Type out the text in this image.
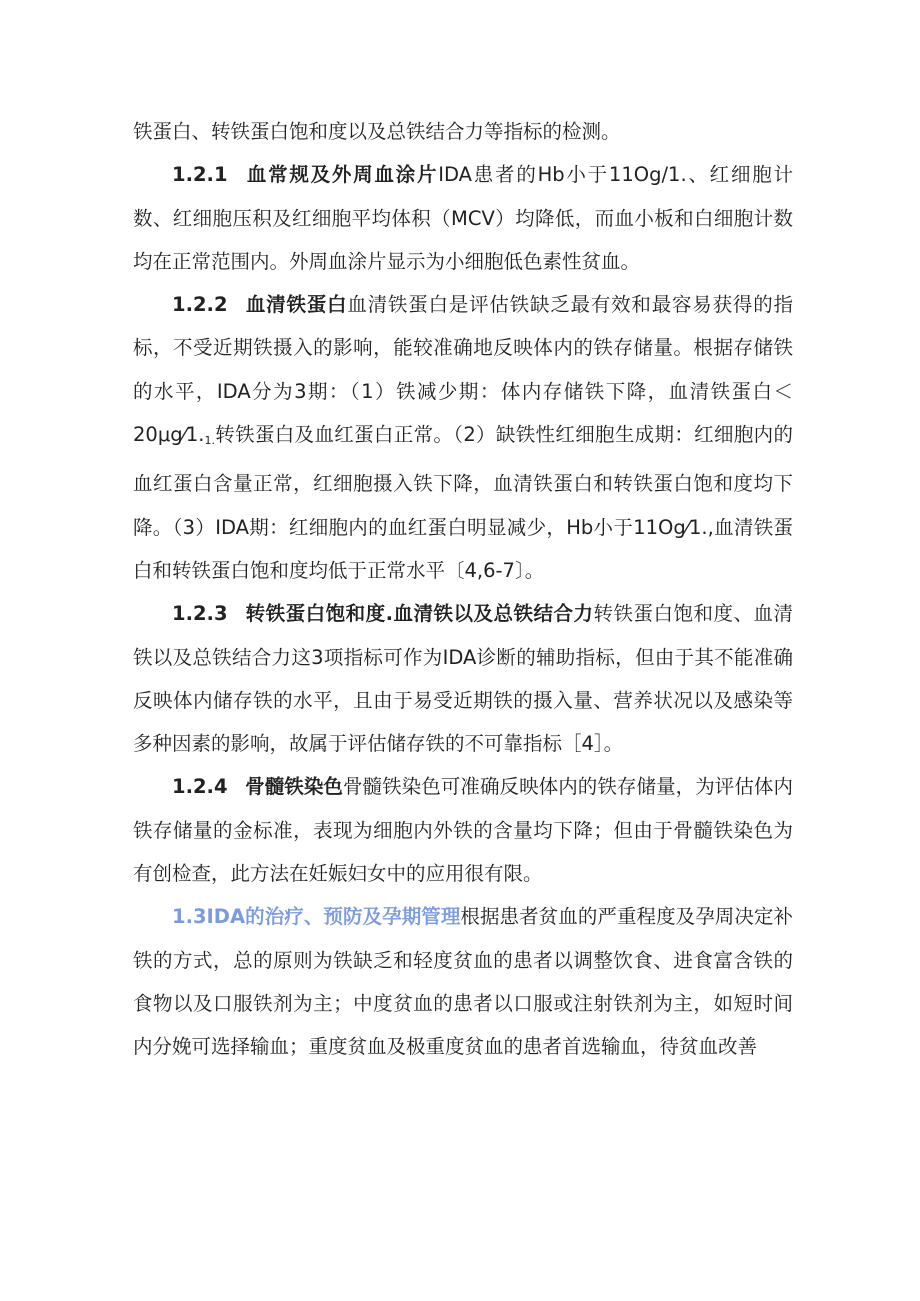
铁蛋白、转铁蛋白饱和度以及总铁结合力等指标的检测。

1.2.1 血常规及外周血涂片IDA患者的Hb小于11Og/1.、红细胞计数、红细胞压积及红细胞平均体积（MCV）均降低，而血小板和白细胞计数均在正常范围内。外周血涂片显示为小细胞低色素性贫血。

1.2.2 血清铁蛋白血清铁蛋白是评估铁缺乏最有效和最容易获得的指标，不受近期铁摄入的影响，能较准确地反映体内的铁存储量。根据存储铁的水平，IDA分为3期：（1）铁减少期：体内存储铁下降，血清铁蛋白$<20\mu g⁄1._{1.}$转铁蛋白及血红蛋白正常。（2）缺铁性红细胞生成期：红细胞内的血红蛋白含量正常，红细胞摄入铁下降，血清铁蛋白和转铁蛋白饱和度均下降。（3）IDA期：红细胞内的血红蛋白明显减少，Hb小于11Og⁄1.,血清铁蛋白和转铁蛋白饱和度均低于正常水平〔4,6-7〕。

1.2.3 转铁蛋白饱和度.血清铁以及总铁结合力转铁蛋白饱和度、血清铁以及总铁结合力这3项指标可作为IDA诊断的辅助指标，但由于其不能准确反映体内储存铁的水平，且由于易受近期铁的摄入量、营养状况以及感染等多种因素的影响，故属于评估储存铁的不可靠指标［4］。

1.2.4 骨髓铁染色骨髓铁染色可准确反映体内的铁存储量，为评估体内铁存储量的金标准，表现为细胞内外铁的含量均下降；但由于骨髓铁染色为有创检查，此方法在妊娠妇女中的应用很有限。

1.3IDA的治疗、预防及孕期管理根据患者贫血的严重程度及孕周决定补铁的方式，总的原则为铁缺乏和轻度贫血的患者以调整饮食、进食富含铁的食物以及口服铁剂为主；中度贫血的患者以口服或注射铁剂为主，如短时间内分娩可选择输血；重度贫血及极重度贫血的患者首选输血，待贫血改善
